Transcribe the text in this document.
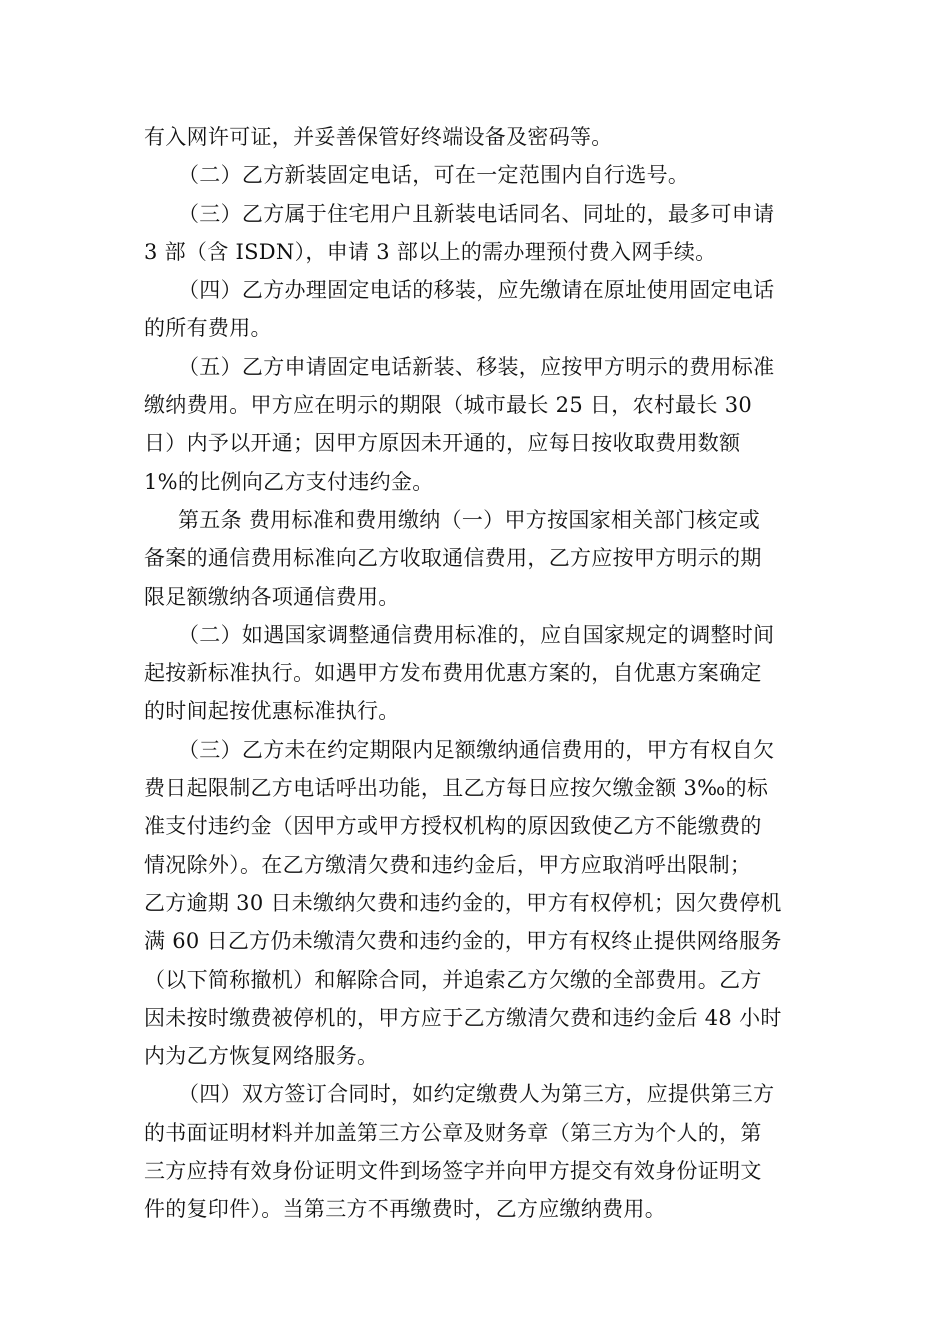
有入网许可证，并妥善保管好终端设备及密码等。
（二）乙方新装固定电话，可在一定范围内自行选号。
（三）乙方属于住宅用户且新装电话同名、同址的，最多可申请
3 部（含 ISDN），申请 3 部以上的需办理预付费入网手续。
（四）乙方办理固定电话的移装，应先缴请在原址使用固定电话
的所有费用。
（五）乙方申请固定电话新装、移装，应按甲方明示的费用标准
缴纳费用。甲方应在明示的期限（城市最长 25 日，农村最长 30
日）内予以开通；因甲方原因未开通的，应每日按收取费用数额
1%的比例向乙方支付违约金。
第五条 费用标准和费用缴纳（一）甲方按国家相关部门核定或
备案的通信费用标准向乙方收取通信费用，乙方应按甲方明示的期
限足额缴纳各项通信费用。
（二）如遇国家调整通信费用标准的，应自国家规定的调整时间
起按新标准执行。如遇甲方发布费用优惠方案的，自优惠方案确定
的时间起按优惠标准执行。
（三）乙方未在约定期限内足额缴纳通信费用的，甲方有权自欠
费日起限制乙方电话呼出功能，且乙方每日应按欠缴金额 3‰的标
准支付违约金（因甲方或甲方授权机构的原因致使乙方不能缴费的
情况除外）。在乙方缴清欠费和违约金后，甲方应取消呼出限制；
乙方逾期 30 日未缴纳欠费和违约金的，甲方有权停机；因欠费停机
满 60 日乙方仍未缴清欠费和违约金的，甲方有权终止提供网络服务
（以下简称撤机）和解除合同，并追索乙方欠缴的全部费用。乙方
因未按时缴费被停机的，甲方应于乙方缴清欠费和违约金后 48 小时
内为乙方恢复网络服务。
（四）双方签订合同时，如约定缴费人为第三方，应提供第三方
的书面证明材料并加盖第三方公章及财务章（第三方为个人的，第
三方应持有效身份证明文件到场签字并向甲方提交有效身份证明文
件的复印件）。当第三方不再缴费时，乙方应缴纳费用。
